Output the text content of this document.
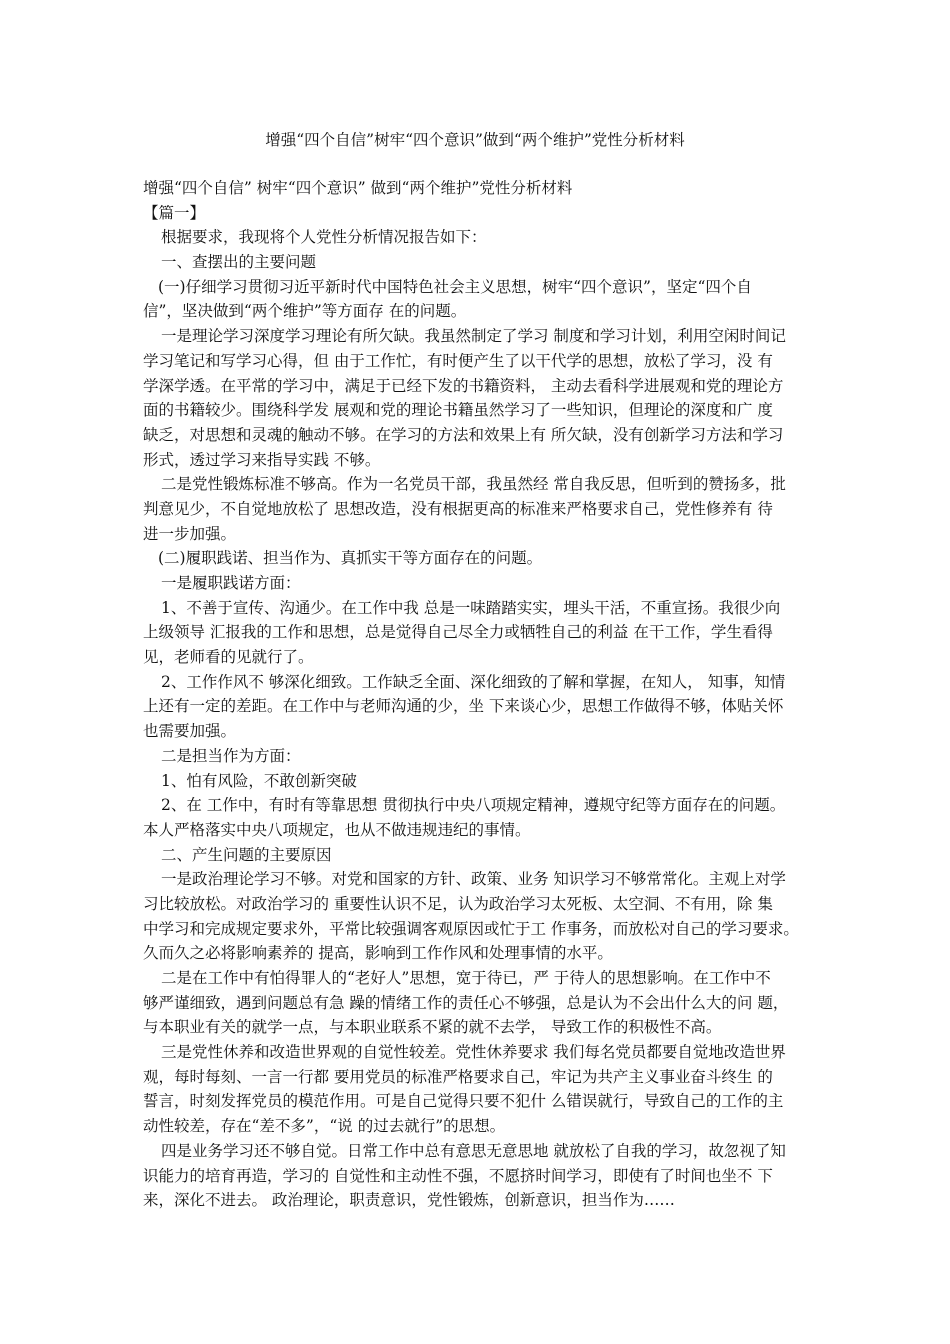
增强“四个自信”树牢“四个意识”做到“两个维护”党性分析材料
增强“四个自信” 树牢“四个意识” 做到“两个维护”党性分析材料
【篇一】
根据要求，我现将个人党性分析情况报告如下：
一、查摆出的主要问题
(一)仔细学习贯彻习近平新时代中国特色社会主义思想，树牢“四个意识”，坚定“四个自
信”，坚决做到“两个维护”等方面存 在的问题。
一是理论学习深度学习理论有所欠缺。我虽然制定了学习 制度和学习计划，利用空闲时间记
学习笔记和写学习心得，但 由于工作忙，有时便产生了以干代学的思想，放松了学习，没 有
学深学透。在平常的学习中，满足于已经下发的书籍资料， 主动去看科学进展观和党的理论方
面的书籍较少。围绕科学发 展观和党的理论书籍虽然学习了一些知识，但理论的深度和广 度
缺乏，对思想和灵魂的触动不够。在学习的方法和效果上有 所欠缺，没有创新学习方法和学习
形式，透过学习来指导实践 不够。
二是党性锻炼标准不够高。作为一名党员干部，我虽然经 常自我反思，但听到的赞扬多，批
判意见少，不自觉地放松了 思想改造，没有根据更高的标准来严格要求自己，党性修养有 待
进一步加强。
(二)履职践诺、担当作为、真抓实干等方面存在的问题。
一是履职践诺方面：
1、不善于宣传、沟通少。在工作中我 总是一味踏踏实实，埋头干活，不重宣扬。我很少向
上级领导 汇报我的工作和思想，总是觉得自己尽全力或牺牲自己的利益 在干工作，学生看得
见，老师看的见就行了。
2、工作作风不 够深化细致。工作缺乏全面、深化细致的了解和掌握，在知人， 知事，知情
上还有一定的差距。在工作中与老师沟通的少，坐 下来谈心少，思想工作做得不够，体贴关怀
也需要加强。
二是担当作为方面：
1、怕有风险，不敢创新突破
2、在 工作中，有时有等靠思想 贯彻执行中央八项规定精神，遵规守纪等方面存在的问题。
本人严格落实中央八项规定，也从不做违规违纪的事情。
二、产生问题的主要原因
一是政治理论学习不够。对党和国家的方针、政策、业务 知识学习不够常常化。主观上对学
习比较放松。对政治学习的 重要性认识不足，认为政治学习太死板、太空洞、不有用，除 集
中学习和完成规定要求外，平常比较强调客观原因或忙于工 作事务，而放松对自己的学习要求。
久而久之必将影响素养的 提高，影响到工作作风和处理事情的水平。
二是在工作中有怕得罪人的“老好人”思想，宽于待已，严 于待人的思想影响。在工作中不
够严谨细致，遇到问题总有急 躁的情绪工作的责任心不够强，总是认为不会出什么大的问 题，
与本职业有关的就学一点，与本职业联系不紧的就不去学， 导致工作的积极性不高。
三是党性休养和改造世界观的自觉性较差。党性休养要求 我们每名党员都要自觉地改造世界
观，每时每刻、一言一行都 要用党员的标准严格要求自己，牢记为共产主义事业奋斗终生 的
誓言，时刻发挥党员的模范作用。可是自己觉得只要不犯什 么错误就行，导致自己的工作的主
动性较差，存在“差不多”，“说 的过去就行”的思想。
四是业务学习还不够自觉。日常工作中总有意思无意思地 就放松了自我的学习，故忽视了知
识能力的培育再造，学习的 自觉性和主动性不强，不愿挤时间学习，即使有了时间也坐不 下
来，深化不进去。 政治理论，职责意识，党性锻炼，创新意识，担当作为……
